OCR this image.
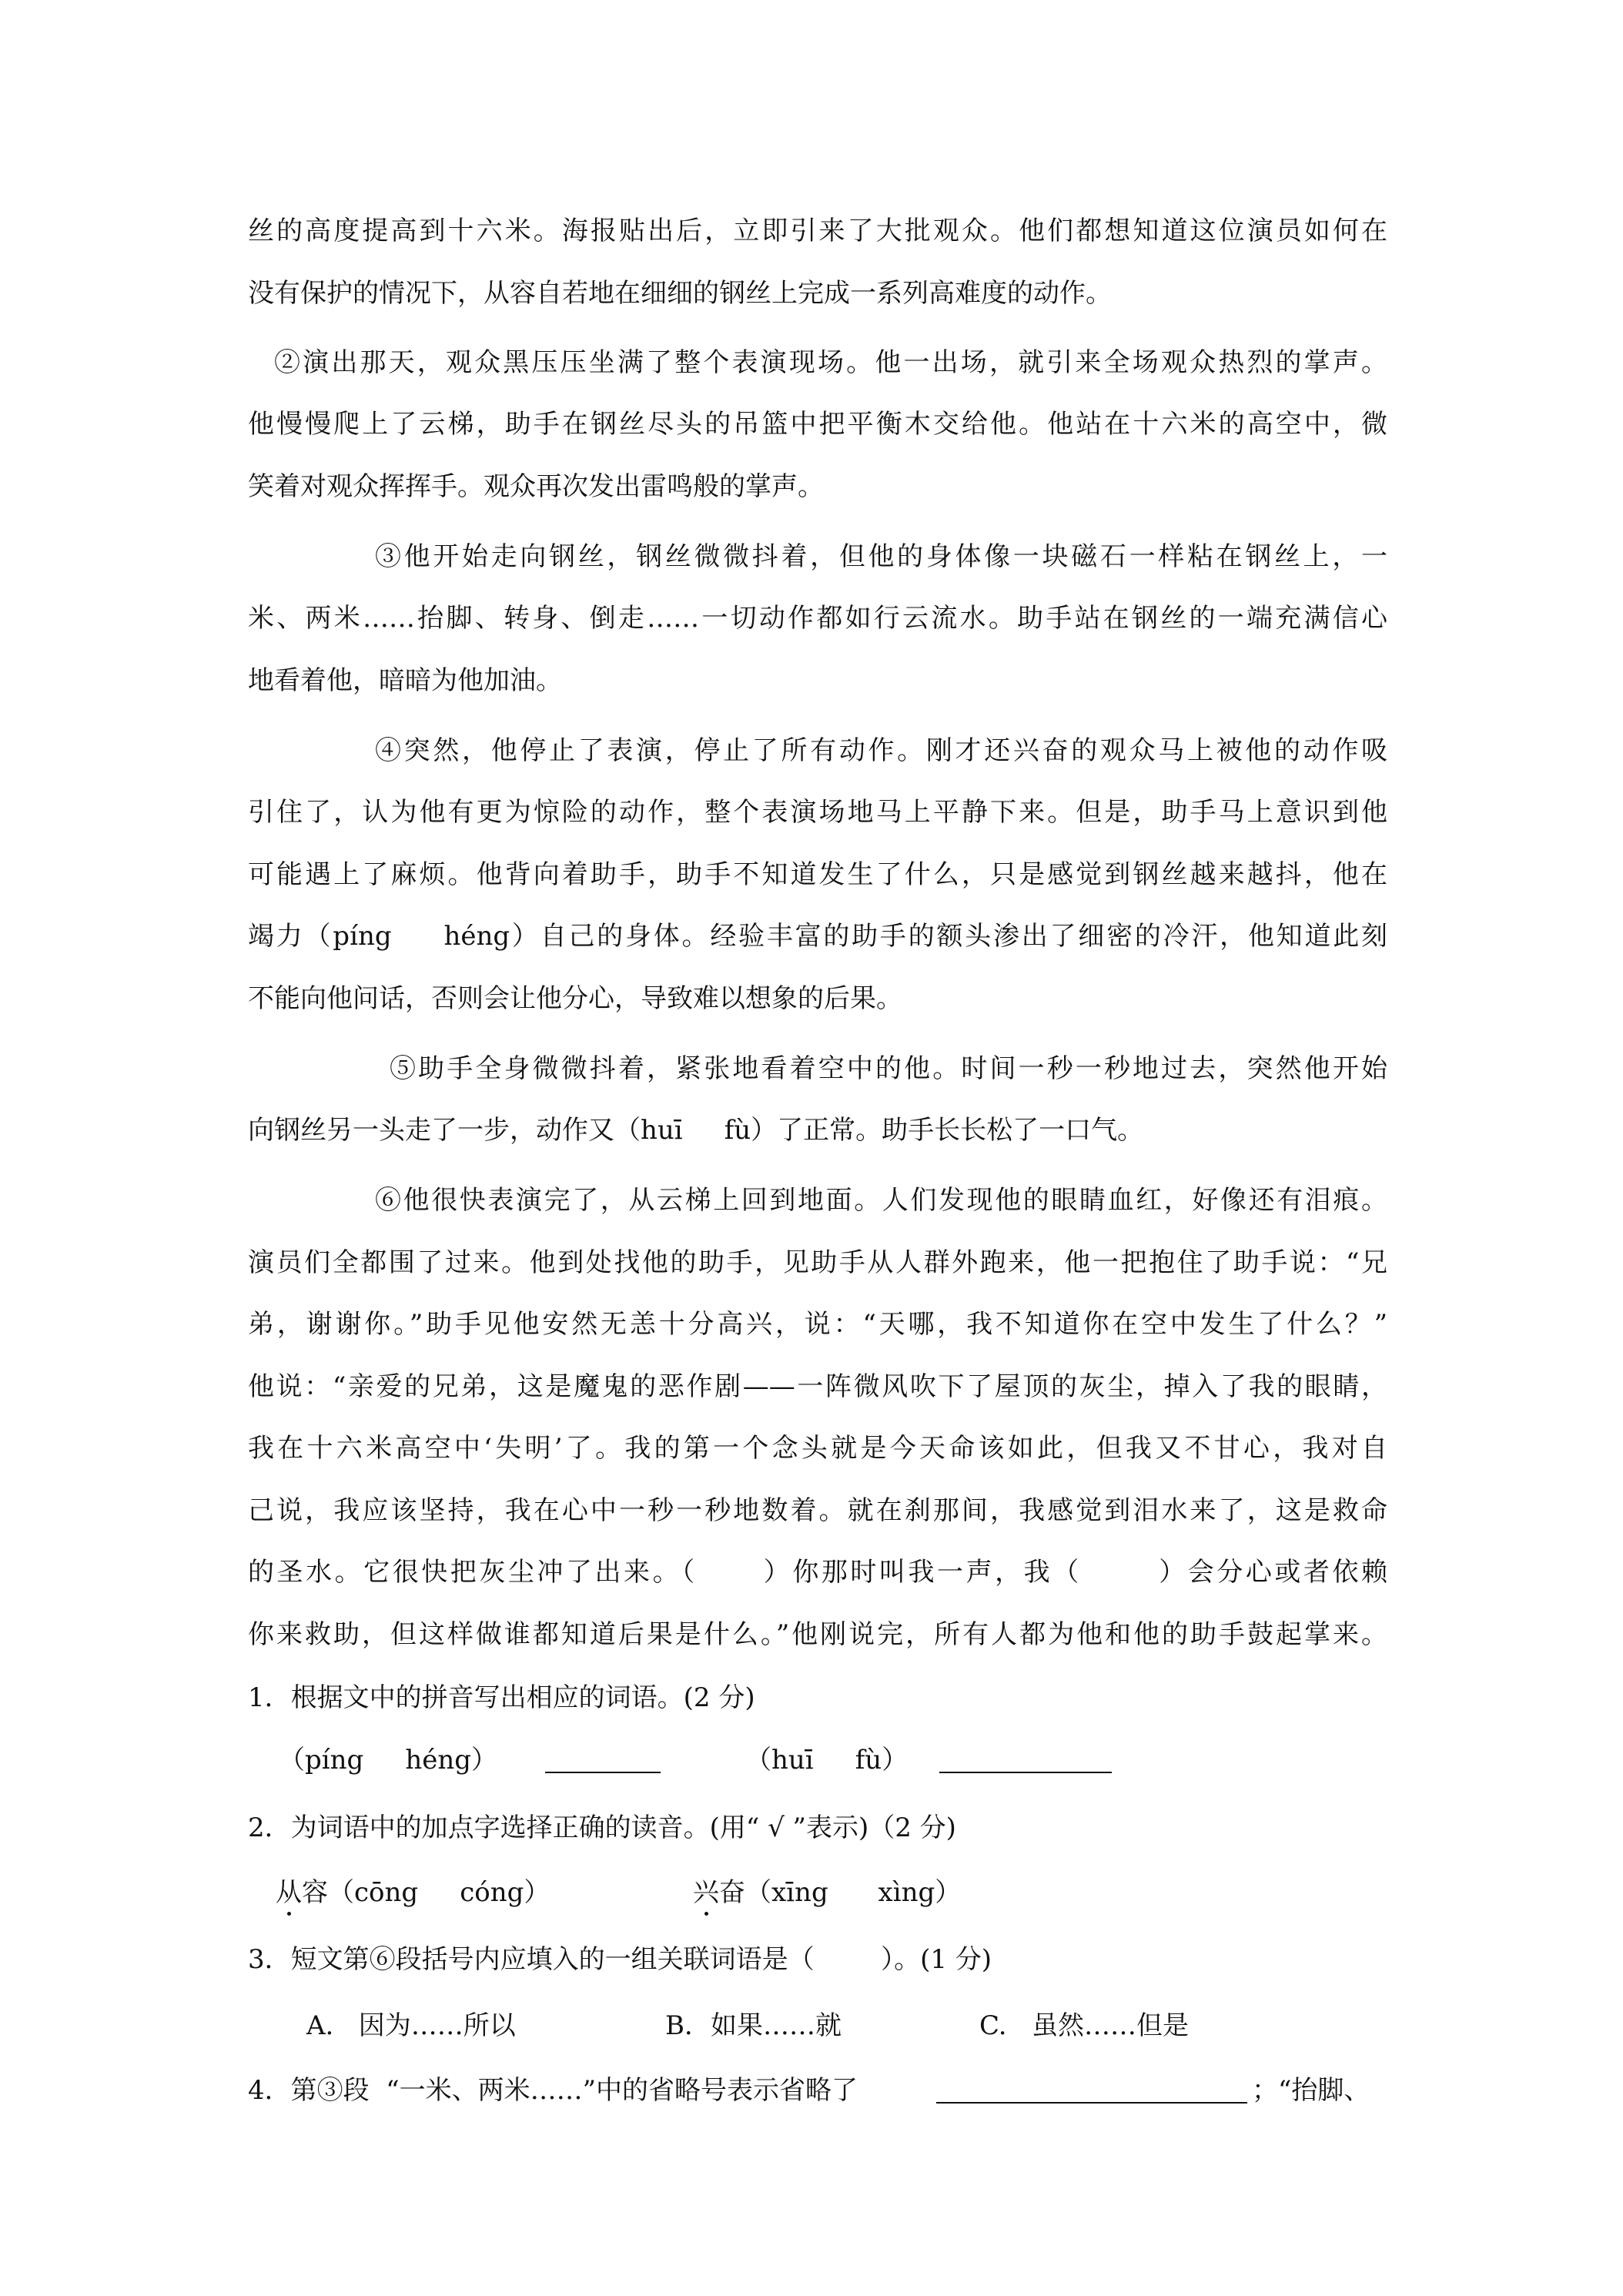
丝的高度提高到十六米。海报贴出后，立即引来了大批观众。他们都想知道这位演员如何在
没有保护的情况下，从容自若地在细细的钢丝上完成一系列高难度的动作。
②演出那天，观众黑压压坐满了整个表演现场。他一出场，就引来全场观众热烈的掌声。
他慢慢爬上了云梯，助手在钢丝尽头的吊篮中把平衡木交给他。他站在十六米的高空中，微
笑着对观众挥挥手。观众再次发出雷鸣般的掌声。
③他开始走向钢丝，钢丝微微抖着，但他的身体像一块磁石一样粘在钢丝上，一
米、两米……抬脚、转身、倒走……一切动作都如行云流水。助手站在钢丝的一端充满信心
地看着他，暗暗为他加油。
④突然，他停止了表演，停止了所有动作。刚才还兴奋的观众马上被他的动作吸
引住了，认为他有更为惊险的动作，整个表演场地马上平静下来。但是，助手马上意识到他
可能遇上了麻烦。他背向着助手，助手不知道发生了什么，只是感觉到钢丝越来越抖，他在
竭力（píng     héng）自己的身体。经验丰富的助手的额头渗出了细密的冷汗，他知道此刻
不能向他问话，否则会让他分心，导致难以想象的后果。
⑤助手全身微微抖着，紧张地看着空中的他。时间一秒一秒地过去，突然他开始
向钢丝另一头走了一步，动作又（huī     fù）了正常。助手长长松了一口气。
⑥他很快表演完了，从云梯上回到地面。人们发现他的眼睛血红，好像还有泪痕。
演员们全都围了过来。他到处找他的助手，见助手从人群外跑来，他一把抱住了助手说：“兄
弟，谢谢你。”助手见他安然无恙十分高兴，说：“天哪，我不知道你在空中发生了什么？”
他说：“亲爱的兄弟，这是魔鬼的恶作剧——一阵微风吹下了屋顶的灰尘，掉入了我的眼睛，
我在十六米高空中‘失明’了。我的第一个念头就是今天命该如此，但我又不甘心，我对自
己说，我应该坚持，我在心中一秒一秒地数着。就在刹那间，我感觉到泪水来了，这是救命
的圣水。它很快把灰尘冲了出来。（      ）你那时叫我一声，我（       ）会分心或者依赖
你来救助，但这样做谁都知道后果是什么。”他刚说完，所有人都为他和他的助手鼓起掌来。
1．根据文中的拼音写出相应的词语。(2 分)
（píng     héng）	（huī     fù）
2．为词语中的加点字选择正确的读音。(用“ √ ”表示)（2 分)
从容（cōng     cóng）	兴奋（xīng      xìng）
3．短文第⑥段括号内应填入的一组关联词语是（        ）。(1 分)
A.   因为……所以	B．如果……就	C.   虽然……但是
4．第③段  “一米、两米……”中的省略号表示省略了	；“抬脚、
